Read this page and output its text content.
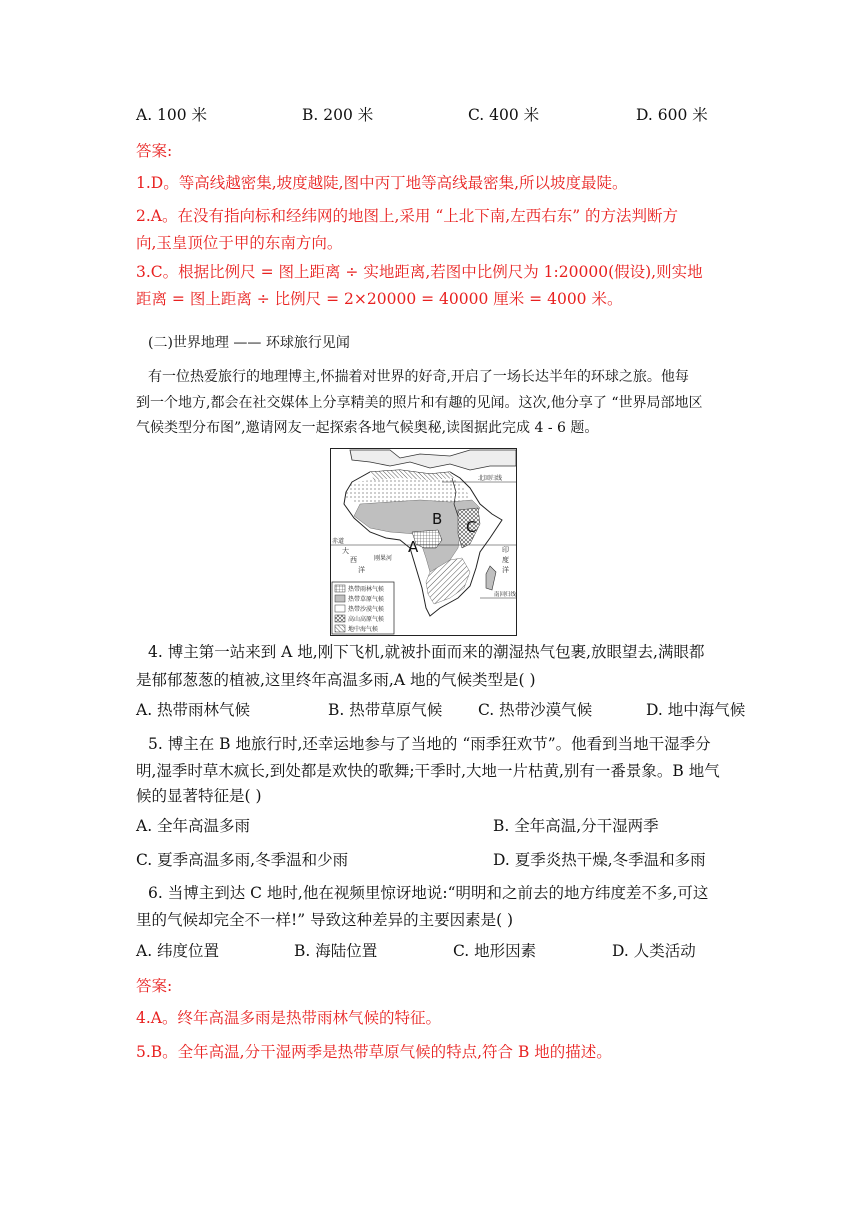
A. 100 米	B. 200 米	C. 400 米	D. 600 米
答案:
1.D。等高线越密集,坡度越陡,图中丙丁地等高线最密集,所以坡度最陡。
2.A。在没有指向标和经纬网的地图上,采用 “上北下南,左西右东” 的方法判断方
向,玉皇顶位于甲的东南方向。
3.C。根据比例尺 = 图上距离 ÷ 实地距离,若图中比例尺为 1:20000(假设),则实地
距离 = 图上距离 ÷ 比例尺 = 2×20000 = 40000 厘米 = 4000 米。
(二)世界地理 —— 环球旅行见闻
有一位热爱旅行的地理博主,怀揣着对世界的好奇,开启了一场长达半年的环球之旅。他每
到一个地方,都会在社交媒体上分享精美的照片和有趣的见闻。这次,他分享了 “世界局部地区
气候类型分布图”,邀请网友一起探索各地气候奥秘,读图据此完成 4 - 6 题。
A
B C
北回归线
赤道
大
西
洋
刚果河
印
度
洋
南回归线
热带雨林气候
热带草原气候
热带沙漠气候
高山高原气候
地中海气候
4. 博主第一站来到 A 地,刚下飞机,就被扑面而来的潮湿热气包裹,放眼望去,满眼都
是郁郁葱葱的植被,这里终年高温多雨,A 地的气候类型是( )
A. 热带雨林气候	B. 热带草原气候 C. 热带沙漠气候	D. 地中海气候
5. 博主在 B 地旅行时,还幸运地参与了当地的 “雨季狂欢节”。他看到当地干湿季分
明,湿季时草木疯长,到处都是欢快的歌舞;干季时,大地一片枯黄,别有一番景象。B 地气
候的显著特征是( )
A. 全年高温多雨	B. 全年高温,分干湿两季
C. 夏季高温多雨,冬季温和少雨	D. 夏季炎热干燥,冬季温和多雨
6. 当博主到达 C 地时,他在视频里惊讶地说:“明明和之前去的地方纬度差不多,可这
里的气候却完全不一样!” 导致这种差异的主要因素是( )
A. 纬度位置	B. 海陆位置	C. 地形因素	D. 人类活动
答案:
4.A。终年高温多雨是热带雨林气候的特征。
5.B。全年高温,分干湿两季是热带草原气候的特点,符合 B 地的描述。
